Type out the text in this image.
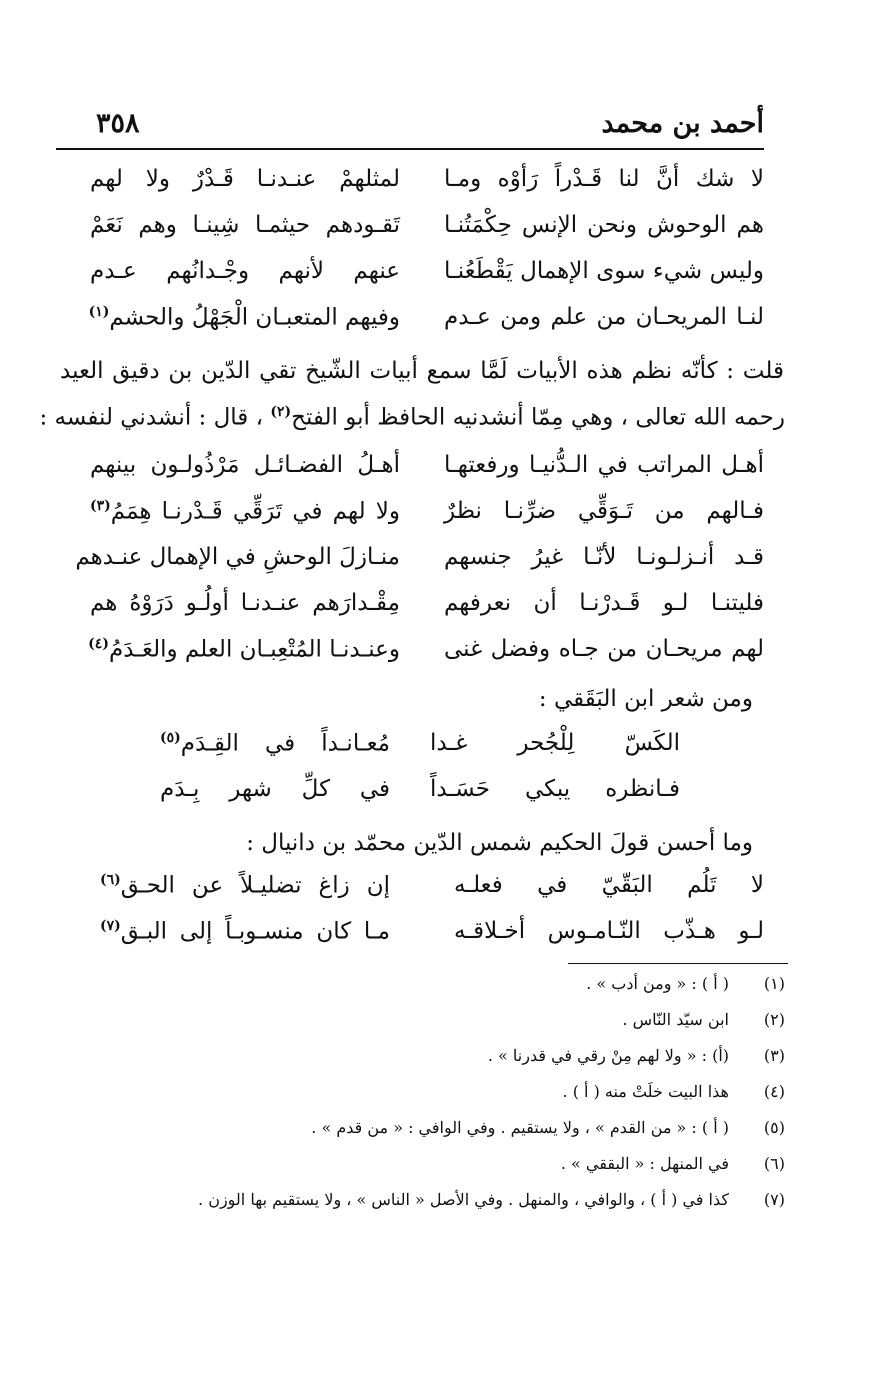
أحمد بن محمد
٣٥٨
لا شك أنَّ لنا قَـدْراً رَأوْه ومـا
لمثلهمْ عنـدنـا قَـدْرٌ ولا لهم
هم الوحوش ونحن الإنس حِكْمَتُنـا
تَقـودهم حيثمـا شِينـا وهم نَعَمْ
وليس شيء سوى الإهمال يَقْطَعُنـا
عنهم لأنهم وجْـدانُهم عـدم
لنـا المريحـان من علم ومن عـدم
وفيهم المتعبـان الْجَهْلُ والحشم$^{(١)}$
قلت : كأنّه نظم هذه الأبيات لَمَّا سمع أبيات الشّيخ تقي الدّين بن دقيق العيد
رحمه الله تعالى ، وهي مِمّا أنشدنيه الحافظ أبو الفتح$^{(٢)}$ ، قال : أنشدني لنفسه :
أهـل المراتب في الـدُّنيـا ورفعتهـا
أهـلُ الفضـائـل مَرْذُولـون بينهم
فـالهم من تَـوَقِّي ضرِّنـا نظرٌ
ولا لهم في تَرَقِّي قَـدْرنـا هِمَمُ$^{(٣)}$
قـد أنـزلـونـا لأنّـا غيرُ جنسهم
منـازلَ الوحشِ في الإهمال عنـدهم
فليتنـا لـو قَـدرْنـا أن نعرفهم
مِقْـدارَهم عنـدنـا أولُـو دَرَوْهُ هم
لهم مريحـان من جـاه وفضل غنى
وعنـدنـا المُتْعِبـان العلم والعَـدَمُ$^{(٤)}$
ومن شعر ابن البَقَقي :
الكَسّ لِلْجُحر غـدا
مُعـانـداً في القِـدَم$^{(٥)}$
فـانظره يبكي حَسَـداً
في كلِّ شهر بِـدَم
وما أحسن قولَ الحكيم شمس الدّين محمّد بن دانيال :
لا تَلُم البَقّيّ في فعلـه
إن زاغ تضليـلاً عن الحـق$^{(٦)}$
لـو هـذّب النّـامـوس أخـلاقـه
مـا كان منسـوبـاً إلى البـق$^{(٧)}$
(١)
( أ ) : « ومن أدب » .
(٢)
ابن سيّد النّاس .
(٣)
(أ) : « ولا لهم مِنْ رقي في قدرنا » .
(٤)
هذا البيت خلَتْ منه ( أ ) .
(٥)
( أ ) : « من القدم » ، ولا يستقيم . وفي الوافي : « من قدم » .
(٦)
في المنهل : « البققي » .
(٧)
كذا في ( أ ) ، والوافي ، والمنهل . وفي الأصل « الناس » ، ولا يستقيم بها الوزن .
